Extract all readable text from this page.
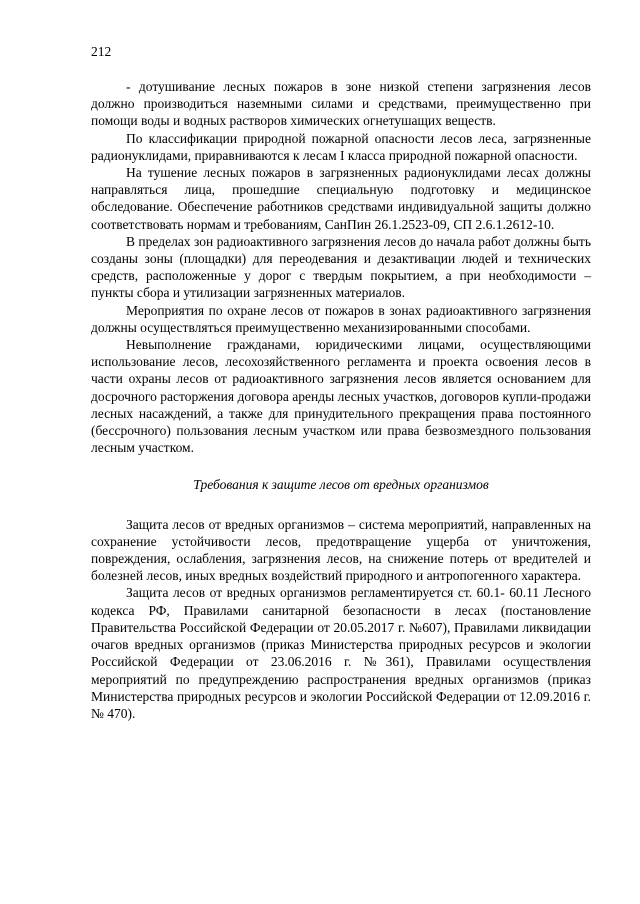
212

- дотушивание лесных пожаров в зоне низкой степени загрязнения лесов должно производиться наземными силами и средствами, преимущественно при помощи воды и водных растворов химических огнетушащих веществ.

По классификации природной пожарной опасности лесов леса, загрязненные радионуклидами, приравниваются к лесам I класса природной пожарной опасности.

На тушение лесных пожаров в загрязненных радионуклидами лесах должны направляться лица, прошедшие специальную подготовку и медицинское обследование. Обеспечение работников средствами индивидуальной защиты должно соответствовать нормам и требованиям, СанПин 26.1.2523-09, СП 2.6.1.2612-10.

В пределах зон радиоактивного загрязнения лесов до начала работ должны быть созданы зоны (площадки) для переодевания и дезактивации людей и технических средств, расположенные у дорог с твердым покрытием, а при необходимости – пункты сбора и утилизации загрязненных материалов.

Мероприятия по охране лесов от пожаров в зонах радиоактивного загрязнения должны осуществляться преимущественно механизированными способами.

Невыполнение гражданами, юридическими лицами, осуществляющими использование лесов, лесохозяйственного регламента и проекта освоения лесов в части охраны лесов от радиоактивного загрязнения лесов является основанием для досрочного расторжения договора аренды лесных участков, договоров купли-продажи лесных насаждений, а также для принудительного прекращения права постоянного (бессрочного) пользования лесным участком или права безвозмездного пользования лесным участком.

Требования к защите лесов от вредных организмов

Защита лесов от вредных организмов – система мероприятий, направленных на сохранение устойчивости лесов, предотвращение ущерба от уничтожения, повреждения, ослабления, загрязнения лесов, на снижение потерь от вредителей и болезней лесов, иных вредных воздействий природного и антропогенного характера.

Защита лесов от вредных организмов регламентируется ст. 60.1- 60.11 Лесного кодекса РФ, Правилами санитарной безопасности в лесах (постановление Правительства Российской Федерации от 20.05.2017 г. №607), Правилами ликвидации очагов вредных организмов (приказ Министерства природных ресурсов и экологии Российской Федерации от 23.06.2016 г. №361), Правилами осуществления мероприятий по предупреждению распространения вредных организмов (приказ Министерства природных ресурсов и экологии Российской Федерации от 12.09.2016 г. № 470).
